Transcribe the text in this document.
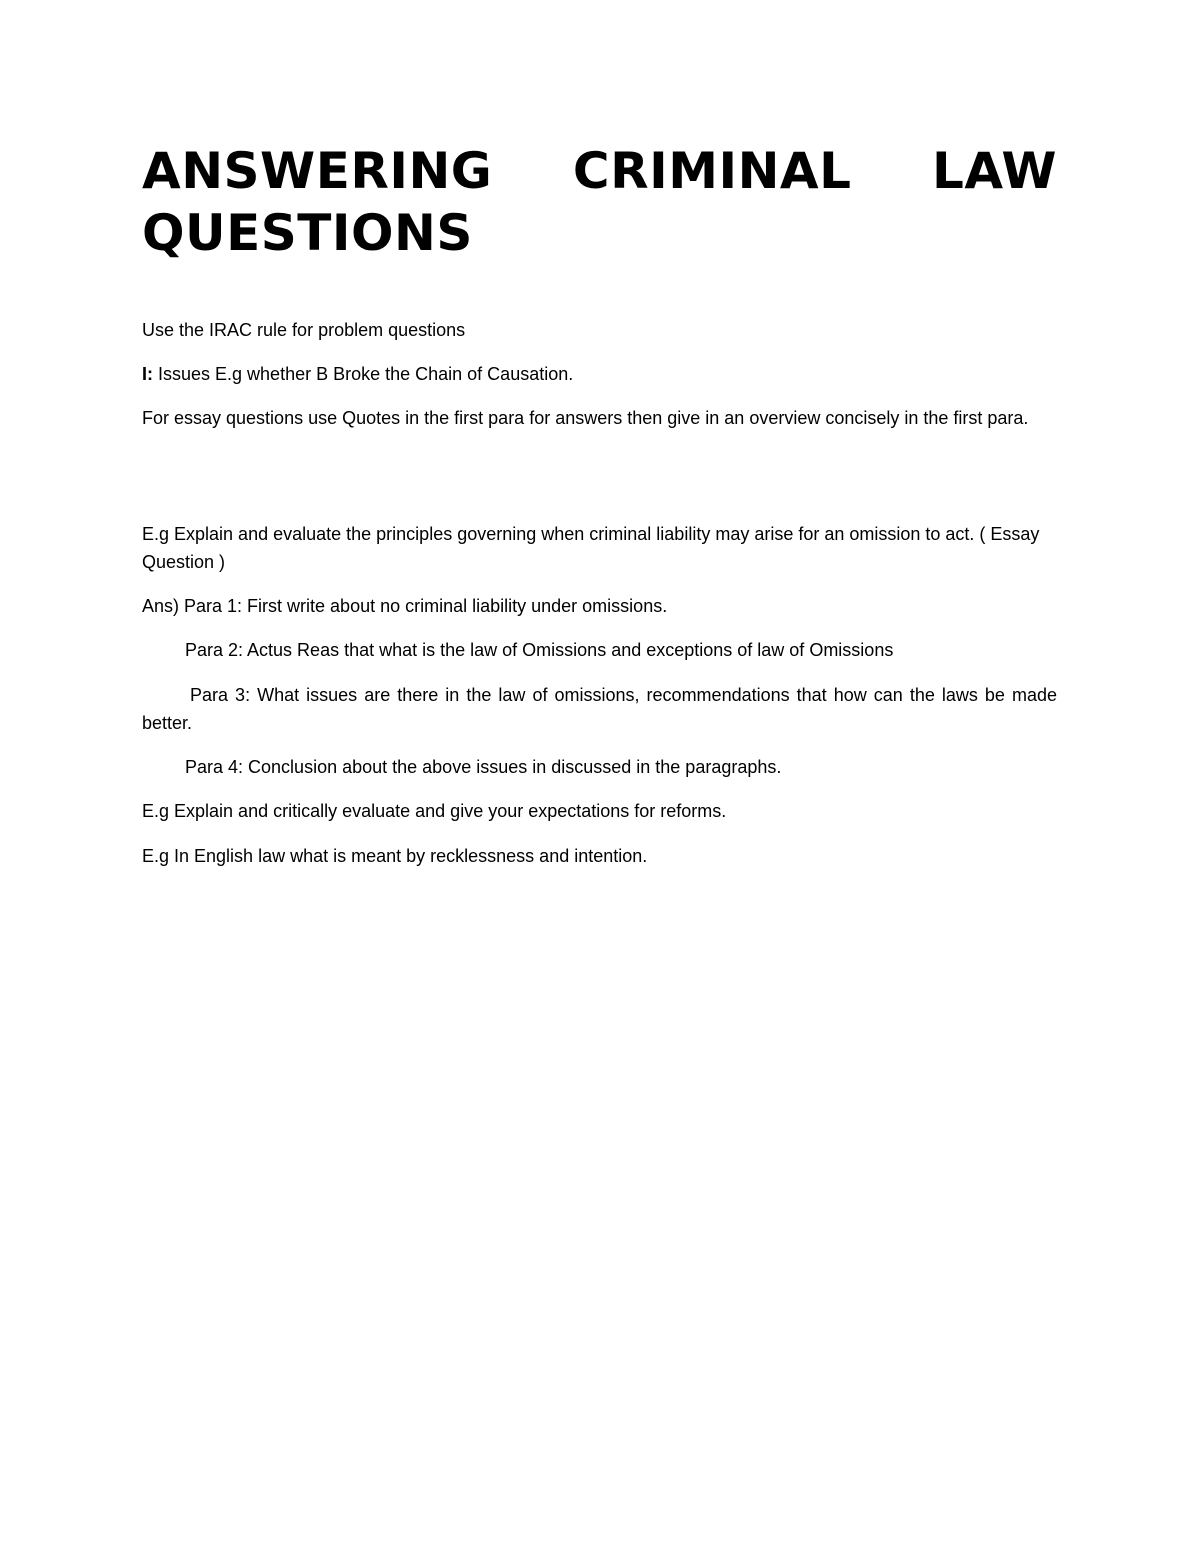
ANSWERING CRIMINAL LAW QUESTIONS

Use the IRAC rule for problem questions

I: Issues E.g whether B Broke the Chain of Causation.

For essay questions use Quotes in the first para for answers then give in an overview concisely in the first para.

E.g Explain and evaluate the principles governing when criminal liability may arise for an omission to act. ( Essay Question )

Ans) Para 1: First write about no criminal liability under omissions.

Para 2: Actus Reas that what is the law of Omissions and exceptions of law of Omissions

Para 3: What issues are there in the law of omissions, recommendations that how can the laws be made better.

Para 4: Conclusion about the above issues in discussed in the paragraphs.

E.g Explain and critically evaluate and give your expectations for reforms.

E.g In English law what is meant by recklessness and intention.
